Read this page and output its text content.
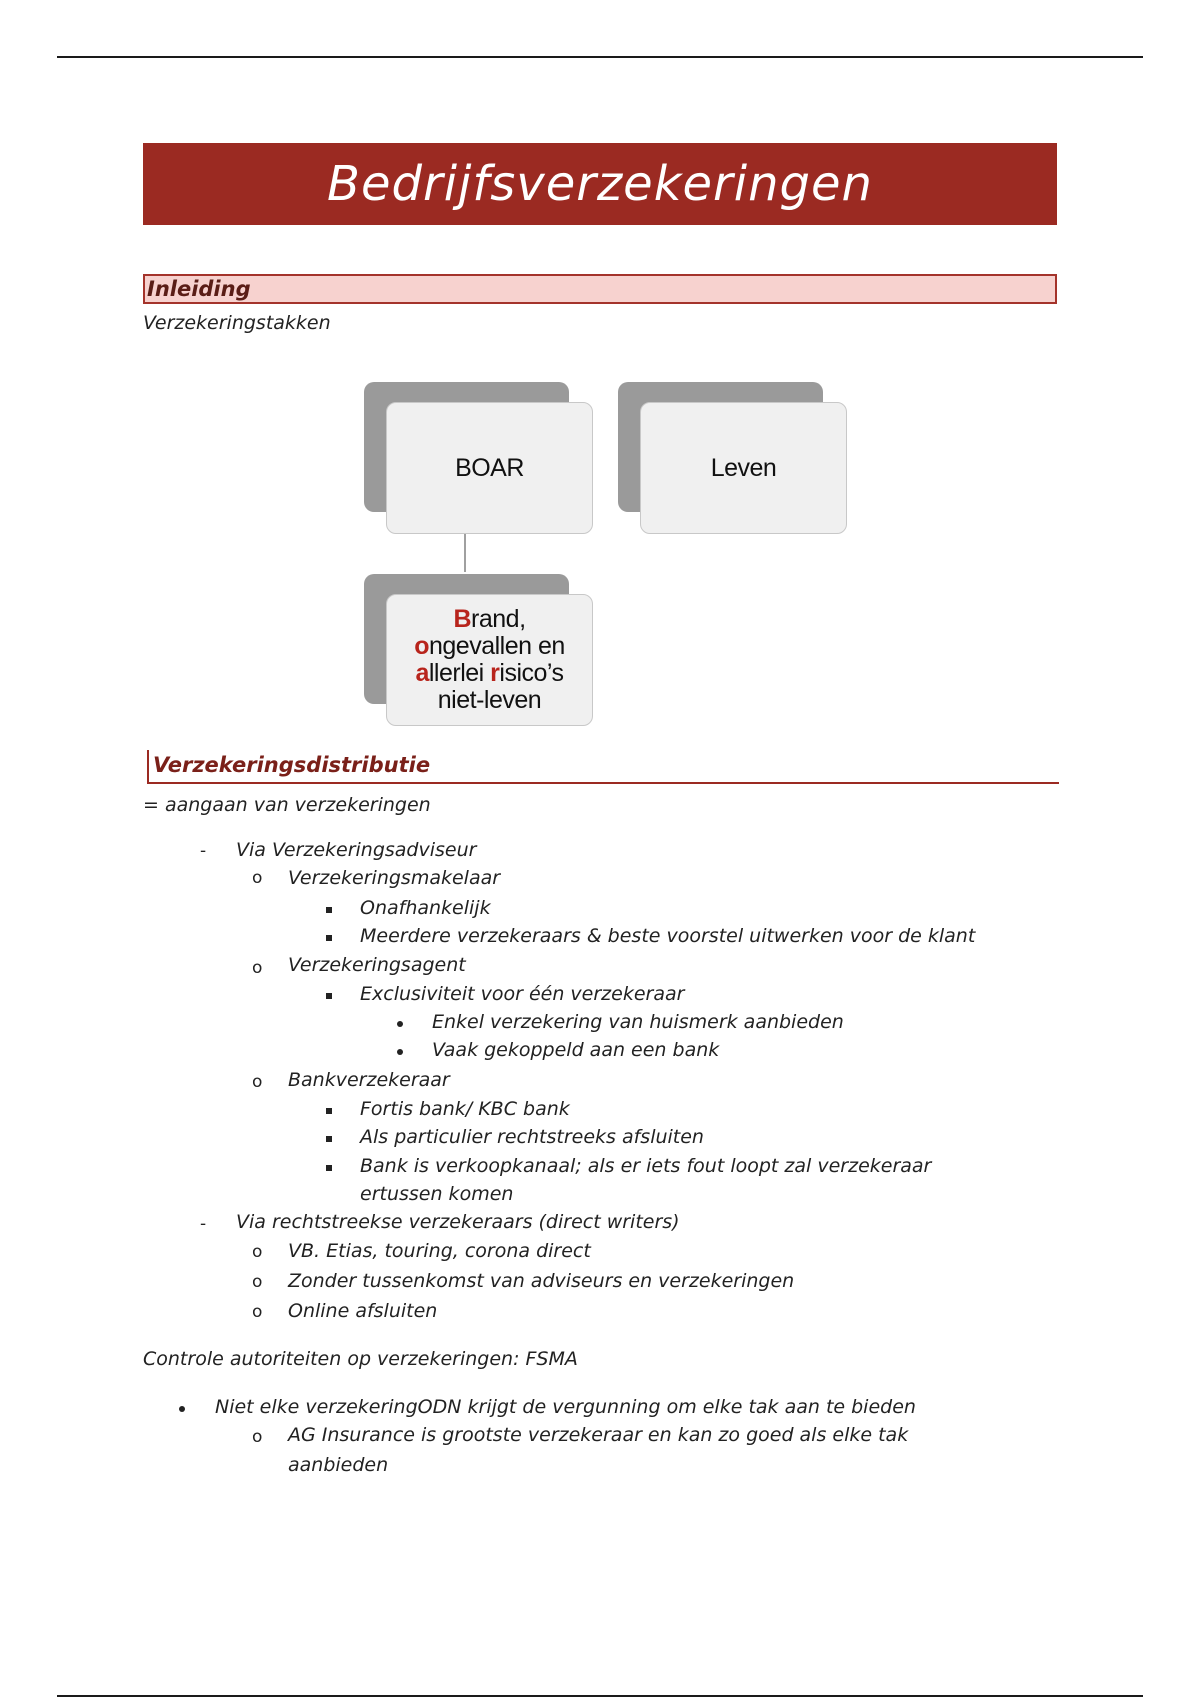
Bedrijfsverzekeringen
Inleiding
Verzekeringstakken
BOAR	Leven
Brand,
ongevallen en
allerlei risico’s
niet-leven
Verzekeringsdistributie
= aangaan van verzekeringen
- Via Verzekeringsadviseur
o Verzekeringsmakelaar
Onafhankelijk
Meerdere verzekeraars & beste voorstel uitwerken voor de klant
o Verzekeringsagent
Exclusiviteit voor één verzekeraar
Enkel verzekering van huismerk aanbieden
Vaak gekoppeld aan een bank
o Bankverzekeraar
Fortis bank/ KBC bank
Als particulier rechtstreeks afsluiten
Bank is verkoopkanaal; als er iets fout loopt zal verzekeraar
ertussen komen
- Via rechtstreekse verzekeraars (direct writers)
o VB. Etias, touring, corona direct
o Zonder tussenkomst van adviseurs en verzekeringen
o Online afsluiten
Controle autoriteiten op verzekeringen: FSMA
Niet elke verzekeringODN krijgt de vergunning om elke tak aan te bieden
o AG Insurance is grootste verzekeraar en kan zo goed als elke tak
aanbieden
